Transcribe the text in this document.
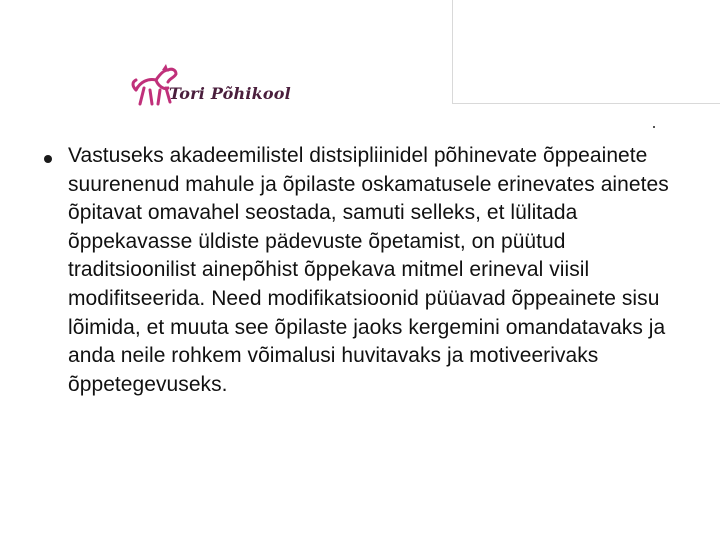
Tori Põhikool
Vastuseks akadeemilistel distsipliinidel põhinevate õppeainete suurenenud mahule ja õpilaste oskamatusele erinevates ainetes õpitavat omavahel seostada, samuti selleks, et lülitada õppekavasse üldiste pädevuste õpetamist, on püütud traditsioonilist ainepõhist õppekava mitmel erineval viisil modifitseerida. Need modifikatsioonid püüavad õppeainete sisu lõimida, et muuta see õpilaste jaoks kergemini omandatavaks ja anda neile rohkem võimalusi huvitavaks ja motiveerivaks õppetegevuseks.
